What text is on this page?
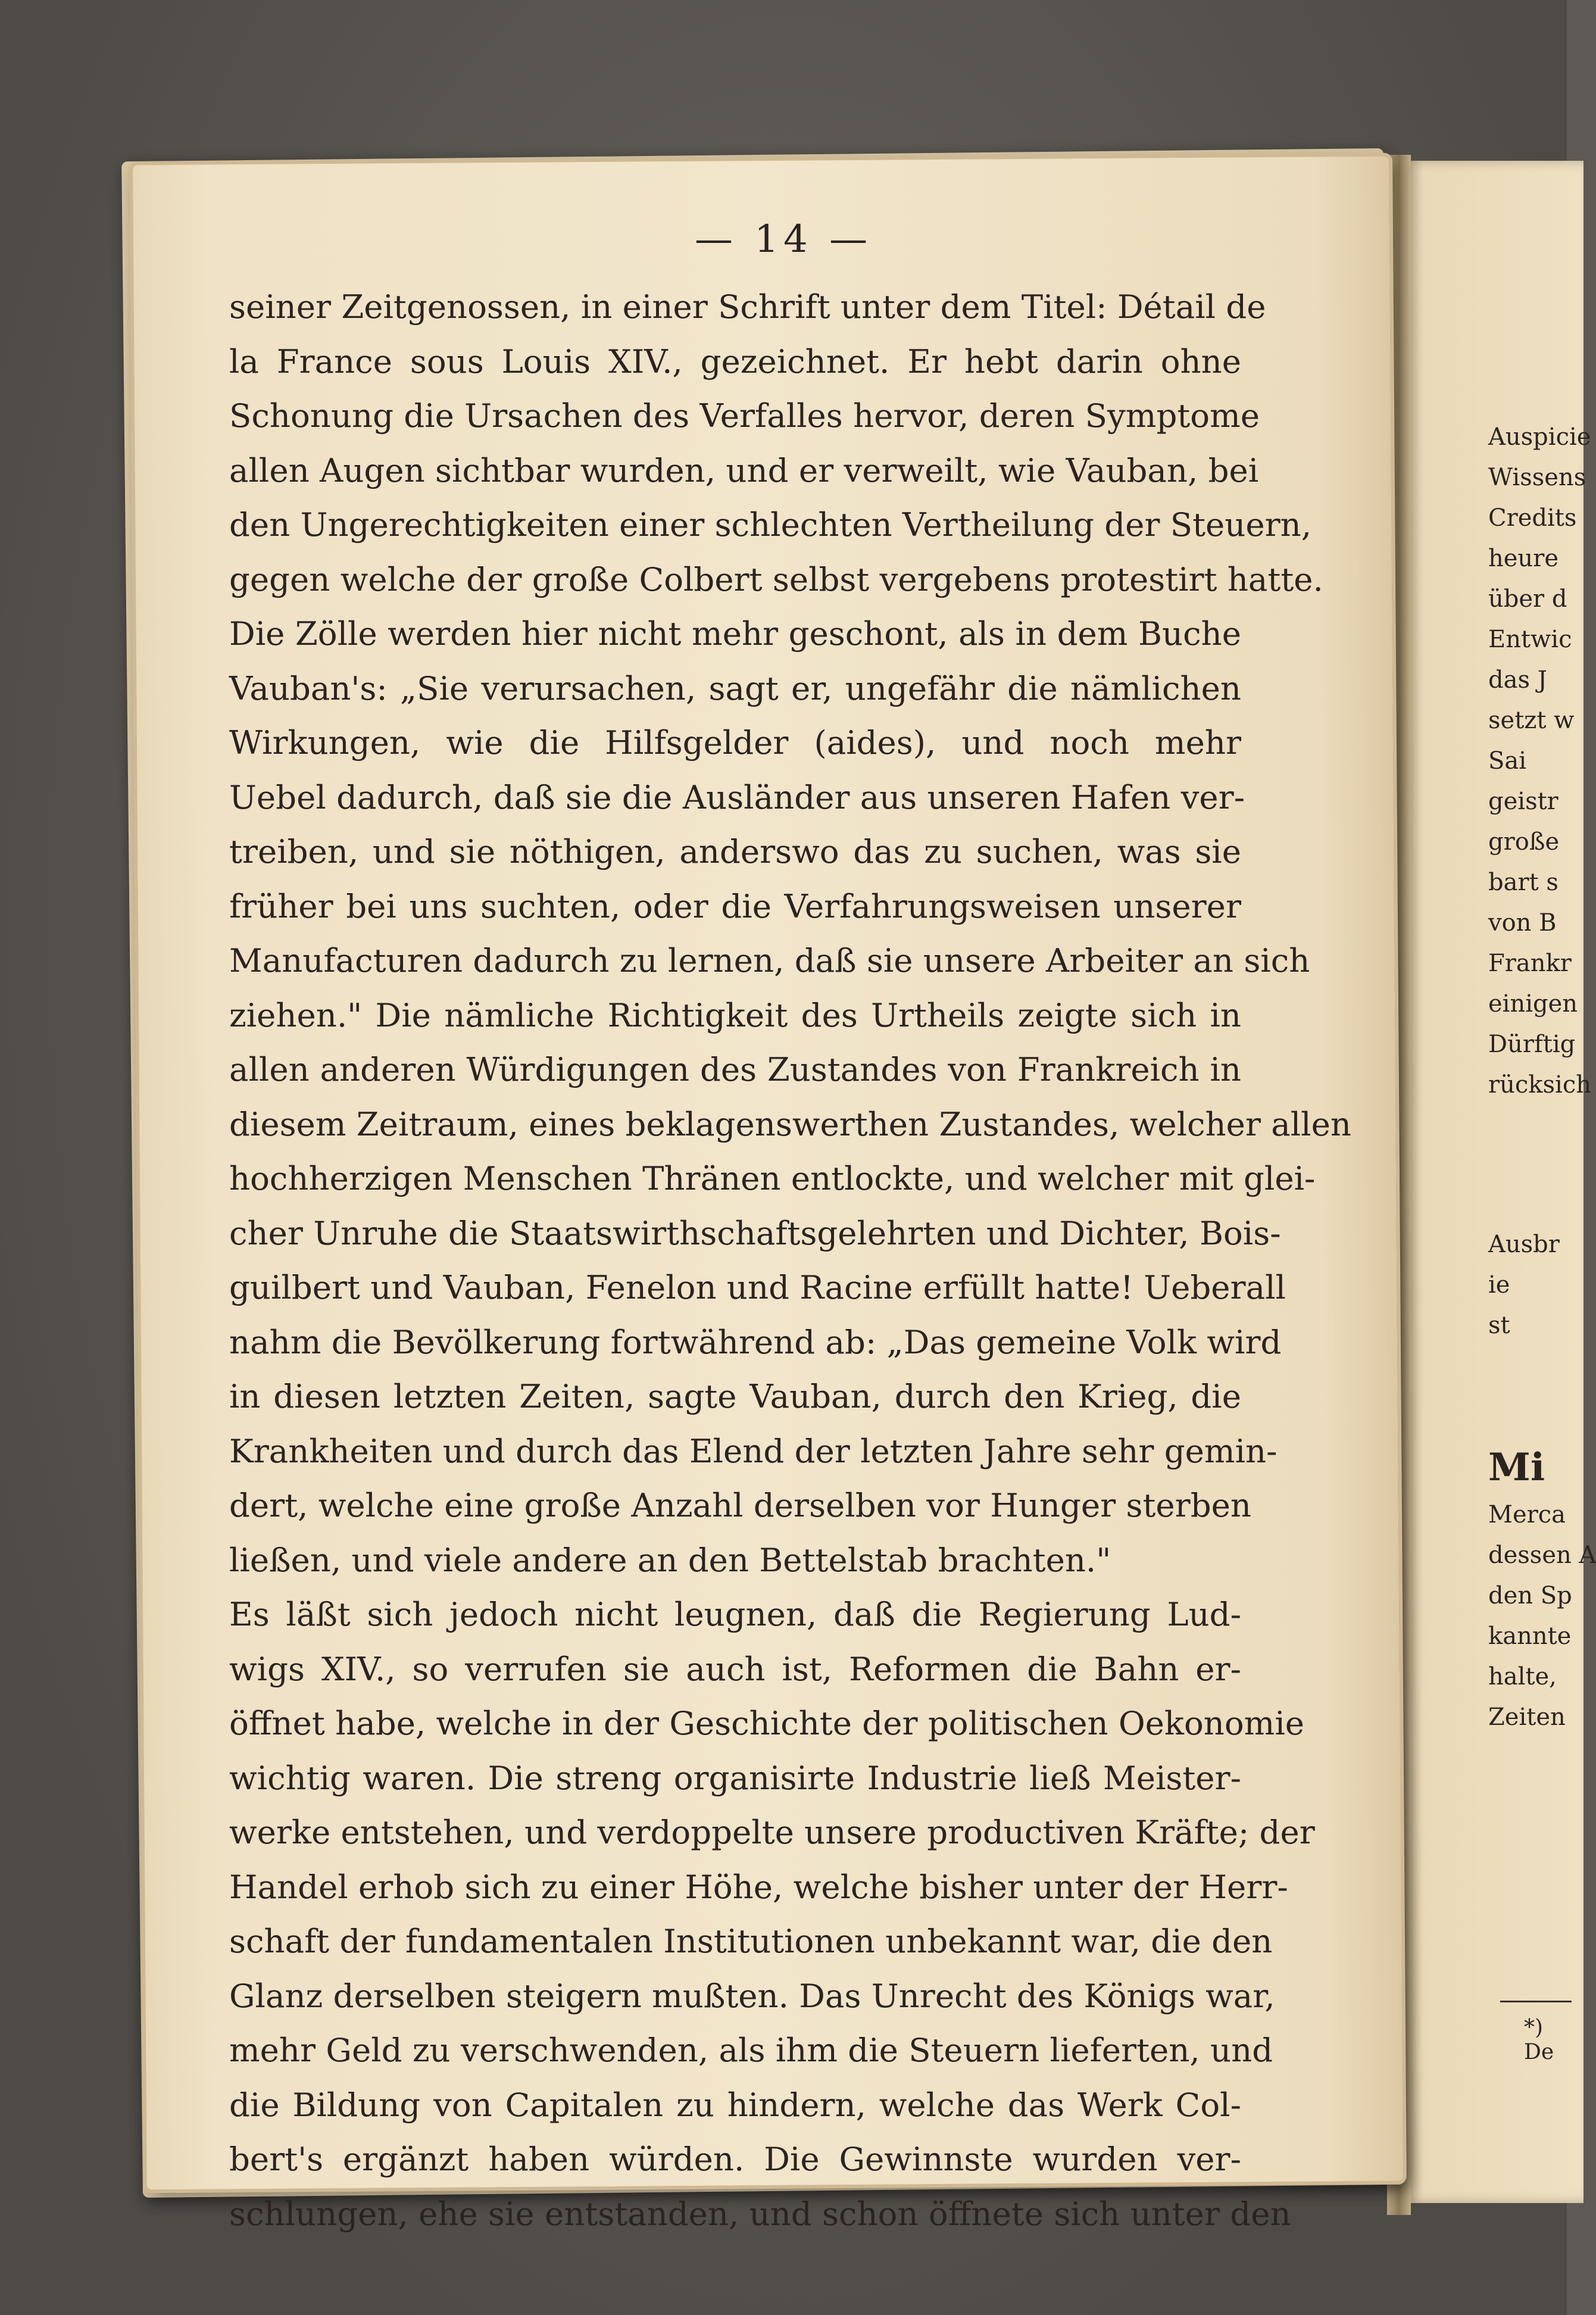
— 14 —
seiner Zeitgenossen, in einer Schrift unter dem Titel: Détail de
la France sous Louis XIV., gezeichnet. Er hebt darin ohne
Schonung die Ursachen des Verfalles hervor, deren Symptome
allen Augen sichtbar wurden, und er verweilt, wie Vauban, bei
den Ungerechtigkeiten einer schlechten Vertheilung der Steuern,
gegen welche der große Colbert selbst vergebens protestirt hatte.
Die Zölle werden hier nicht mehr geschont, als in dem Buche
Vauban's: „Sie verursachen, sagt er, ungefähr die nämlichen
Wirkungen, wie die Hilfsgelder (aides), und noch mehr
Uebel dadurch, daß sie die Ausländer aus unseren Hafen ver-
treiben, und sie nöthigen, anderswo das zu suchen, was sie
früher bei uns suchten, oder die Verfahrungsweisen unserer
Manufacturen dadurch zu lernen, daß sie unsere Arbeiter an sich
ziehen." Die nämliche Richtigkeit des Urtheils zeigte sich in
allen anderen Würdigungen des Zustandes von Frankreich in
diesem Zeitraum, eines beklagenswerthen Zustandes, welcher allen
hochherzigen Menschen Thränen entlockte, und welcher mit glei-
cher Unruhe die Staatswirthschaftsgelehrten und Dichter, Bois-
guilbert und Vauban, Fenelon und Racine erfüllt hatte! Ueberall
nahm die Bevölkerung fortwährend ab: „Das gemeine Volk wird
in diesen letzten Zeiten, sagte Vauban, durch den Krieg, die
Krankheiten und durch das Elend der letzten Jahre sehr gemin-
dert, welche eine große Anzahl derselben vor Hunger sterben
ließen, und viele andere an den Bettelstab brachten."
Es läßt sich jedoch nicht leugnen, daß die Regierung Lud-
wigs XIV., so verrufen sie auch ist, Reformen die Bahn er-
öffnet habe, welche in der Geschichte der politischen Oekonomie
wichtig waren. Die streng organisirte Industrie ließ Meister-
werke entstehen, und verdoppelte unsere productiven Kräfte; der
Handel erhob sich zu einer Höhe, welche bisher unter der Herr-
schaft der fundamentalen Institutionen unbekannt war, die den
Glanz derselben steigern mußten. Das Unrecht des Königs war,
mehr Geld zu verschwenden, als ihm die Steuern lieferten, und
die Bildung von Capitalen zu hindern, welche das Werk Col-
bert's ergänzt haben würden. Die Gewinnste wurden ver-
schlungen, ehe sie entstanden, und schon öffnete sich unter den
Auspicie
Wissens
Credits
heure
über d
Entwic
das J
setzt w
Sai
geistr
große
bart s
von B
Frankr
einigen
Dürftig
rücksich
Ausbr
ie
st
Mi
Merca
dessen A
den Sp
kannte
halte,
Zeiten
*) De
